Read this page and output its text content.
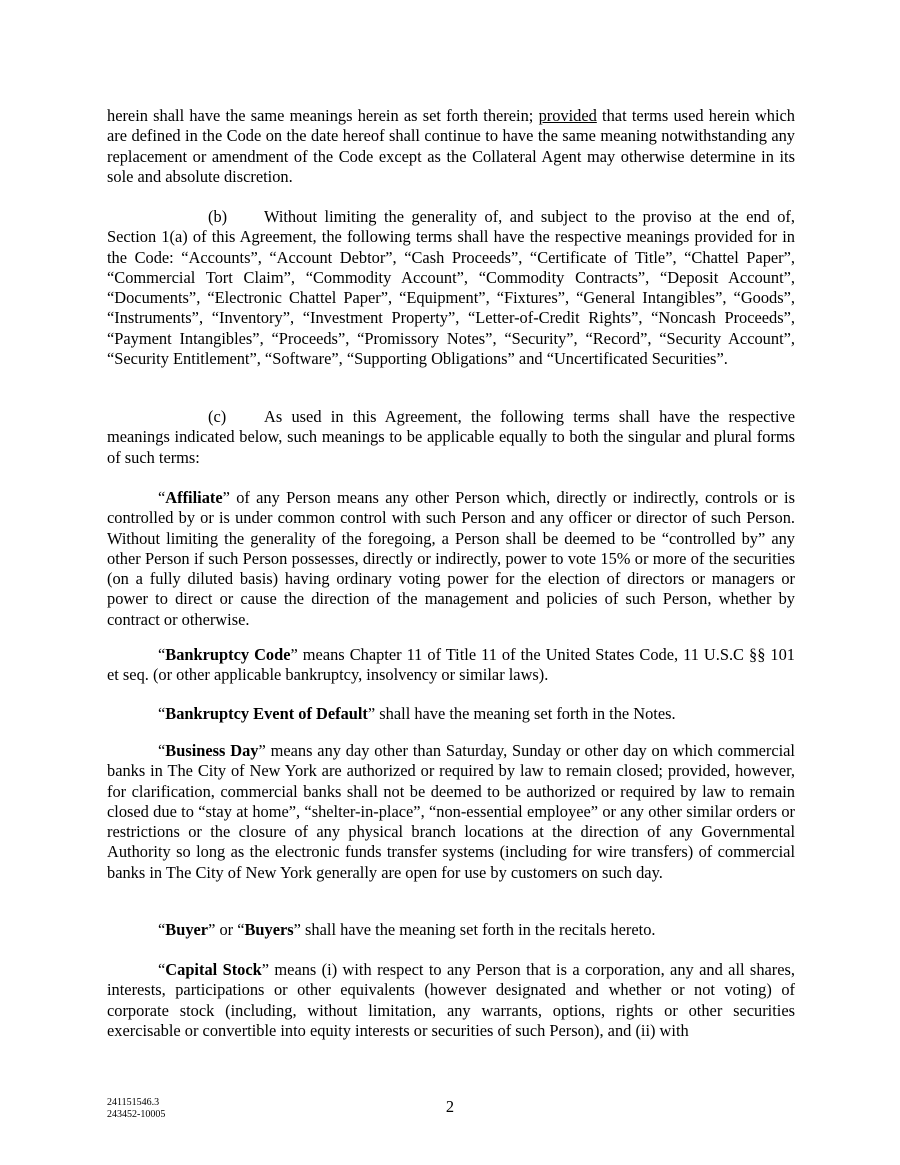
herein shall have the same meanings herein as set forth therein; provided that terms used herein which are defined in the Code on the date hereof shall continue to have the same meaning notwithstanding any replacement or amendment of the Code except as the Collateral Agent may otherwise determine in its sole and absolute discretion.

(b) Without limiting the generality of, and subject to the proviso at the end of, Section 1(a) of this Agreement, the following terms shall have the respective meanings provided for in the Code: “Accounts”, “Account Debtor”, “Cash Proceeds”, “Certificate of Title”, “Chattel Paper”, “Commercial Tort Claim”, “Commodity Account”, “Commodity Contracts”, “Deposit Account”, “Documents”, “Electronic Chattel Paper”, “Equipment”, “Fixtures”, “General Intangibles”, “Goods”, “Instruments”, “Inventory”, “Investment Property”, “Letter-of-Credit Rights”, “Noncash Proceeds”, “Payment Intangibles”, “Proceeds”, “Promissory Notes”, “Security”, “Record”, “Security Account”, “Security Entitlement”, “Software”, “Supporting Obligations” and “Uncertificated Securities”.

(c) As used in this Agreement, the following terms shall have the respective meanings indicated below, such meanings to be applicable equally to both the singular and plural forms of such terms:

“Affiliate” of any Person means any other Person which, directly or indirectly, controls or is controlled by or is under common control with such Person and any officer or director of such Person. Without limiting the generality of the foregoing, a Person shall be deemed to be “controlled by” any other Person if such Person possesses, directly or indirectly, power to vote 15% or more of the securities (on a fully diluted basis) having ordinary voting power for the election of directors or managers or power to direct or cause the direction of the management and policies of such Person, whether by contract or otherwise.

“Bankruptcy Code” means Chapter 11 of Title 11 of the United States Code, 11 U.S.C §§ 101 et seq. (or other applicable bankruptcy, insolvency or similar laws).

“Bankruptcy Event of Default” shall have the meaning set forth in the Notes.

“Business Day” means any day other than Saturday, Sunday or other day on which commercial banks in The City of New York are authorized or required by law to remain closed; provided, however, for clarification, commercial banks shall not be deemed to be authorized or required by law to remain closed due to “stay at home”, “shelter-in-place”, “non-essential employee” or any other similar orders or restrictions or the closure of any physical branch locations at the direction of any Governmental Authority so long as the electronic funds transfer systems (including for wire transfers) of commercial banks in The City of New York generally are open for use by customers on such day.

“Buyer” or “Buyers” shall have the meaning set forth in the recitals hereto.

“Capital Stock” means (i) with respect to any Person that is a corporation, any and all shares, interests, participations or other equivalents (however designated and whether or not voting) of corporate stock (including, without limitation, any warrants, options, rights or other securities exercisable or convertible into equity interests or securities of such Person), and (ii) with

241151546.3
243452-10005	2
